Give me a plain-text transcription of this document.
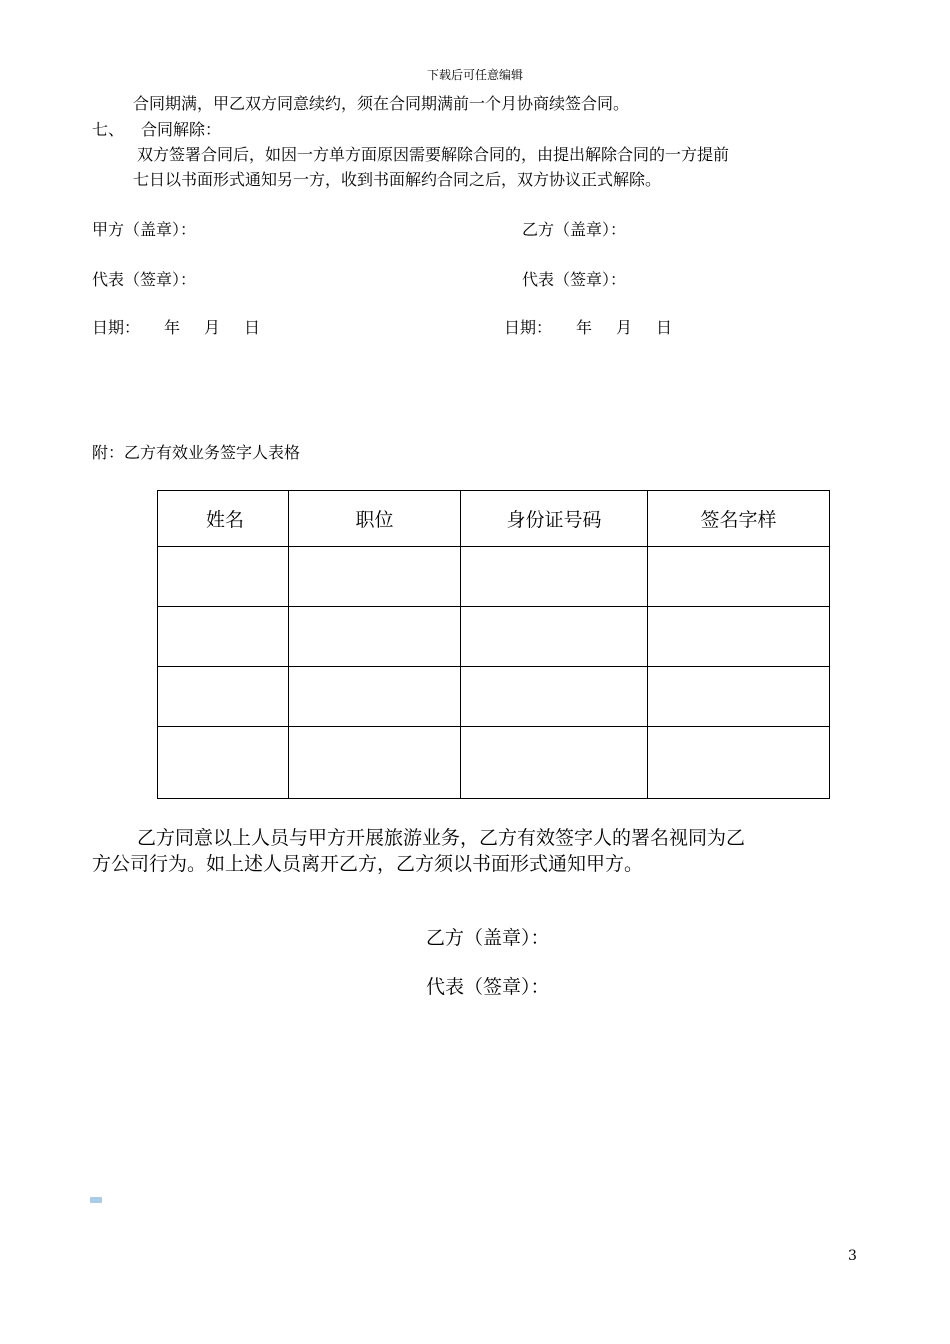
下载后可任意编辑
合同期满，甲乙双方同意续约，须在合同期满前一个月协商续签合同。
七、 合同解除：
双方签署合同后，如因一方单方面原因需要解除合同的，由提出解除合同的一方提前
七日以书面形式通知另一方，收到书面解约合同之后，双方协议正式解除。
甲方（盖章）：	乙方（盖章）：
代表（签章）：	代表（签章）：
日期： 年 月 日	日期： 年 月 日
附：乙方有效业务签字人表格
姓名	职位	身份证号码	签名字样

乙方同意以上人员与甲方开展旅游业务，乙方有效签字人的署名视同为乙
方公司行为。如上述人员离开乙方，乙方须以书面形式通知甲方。
乙方（盖章）：
代表（签章）：
3
